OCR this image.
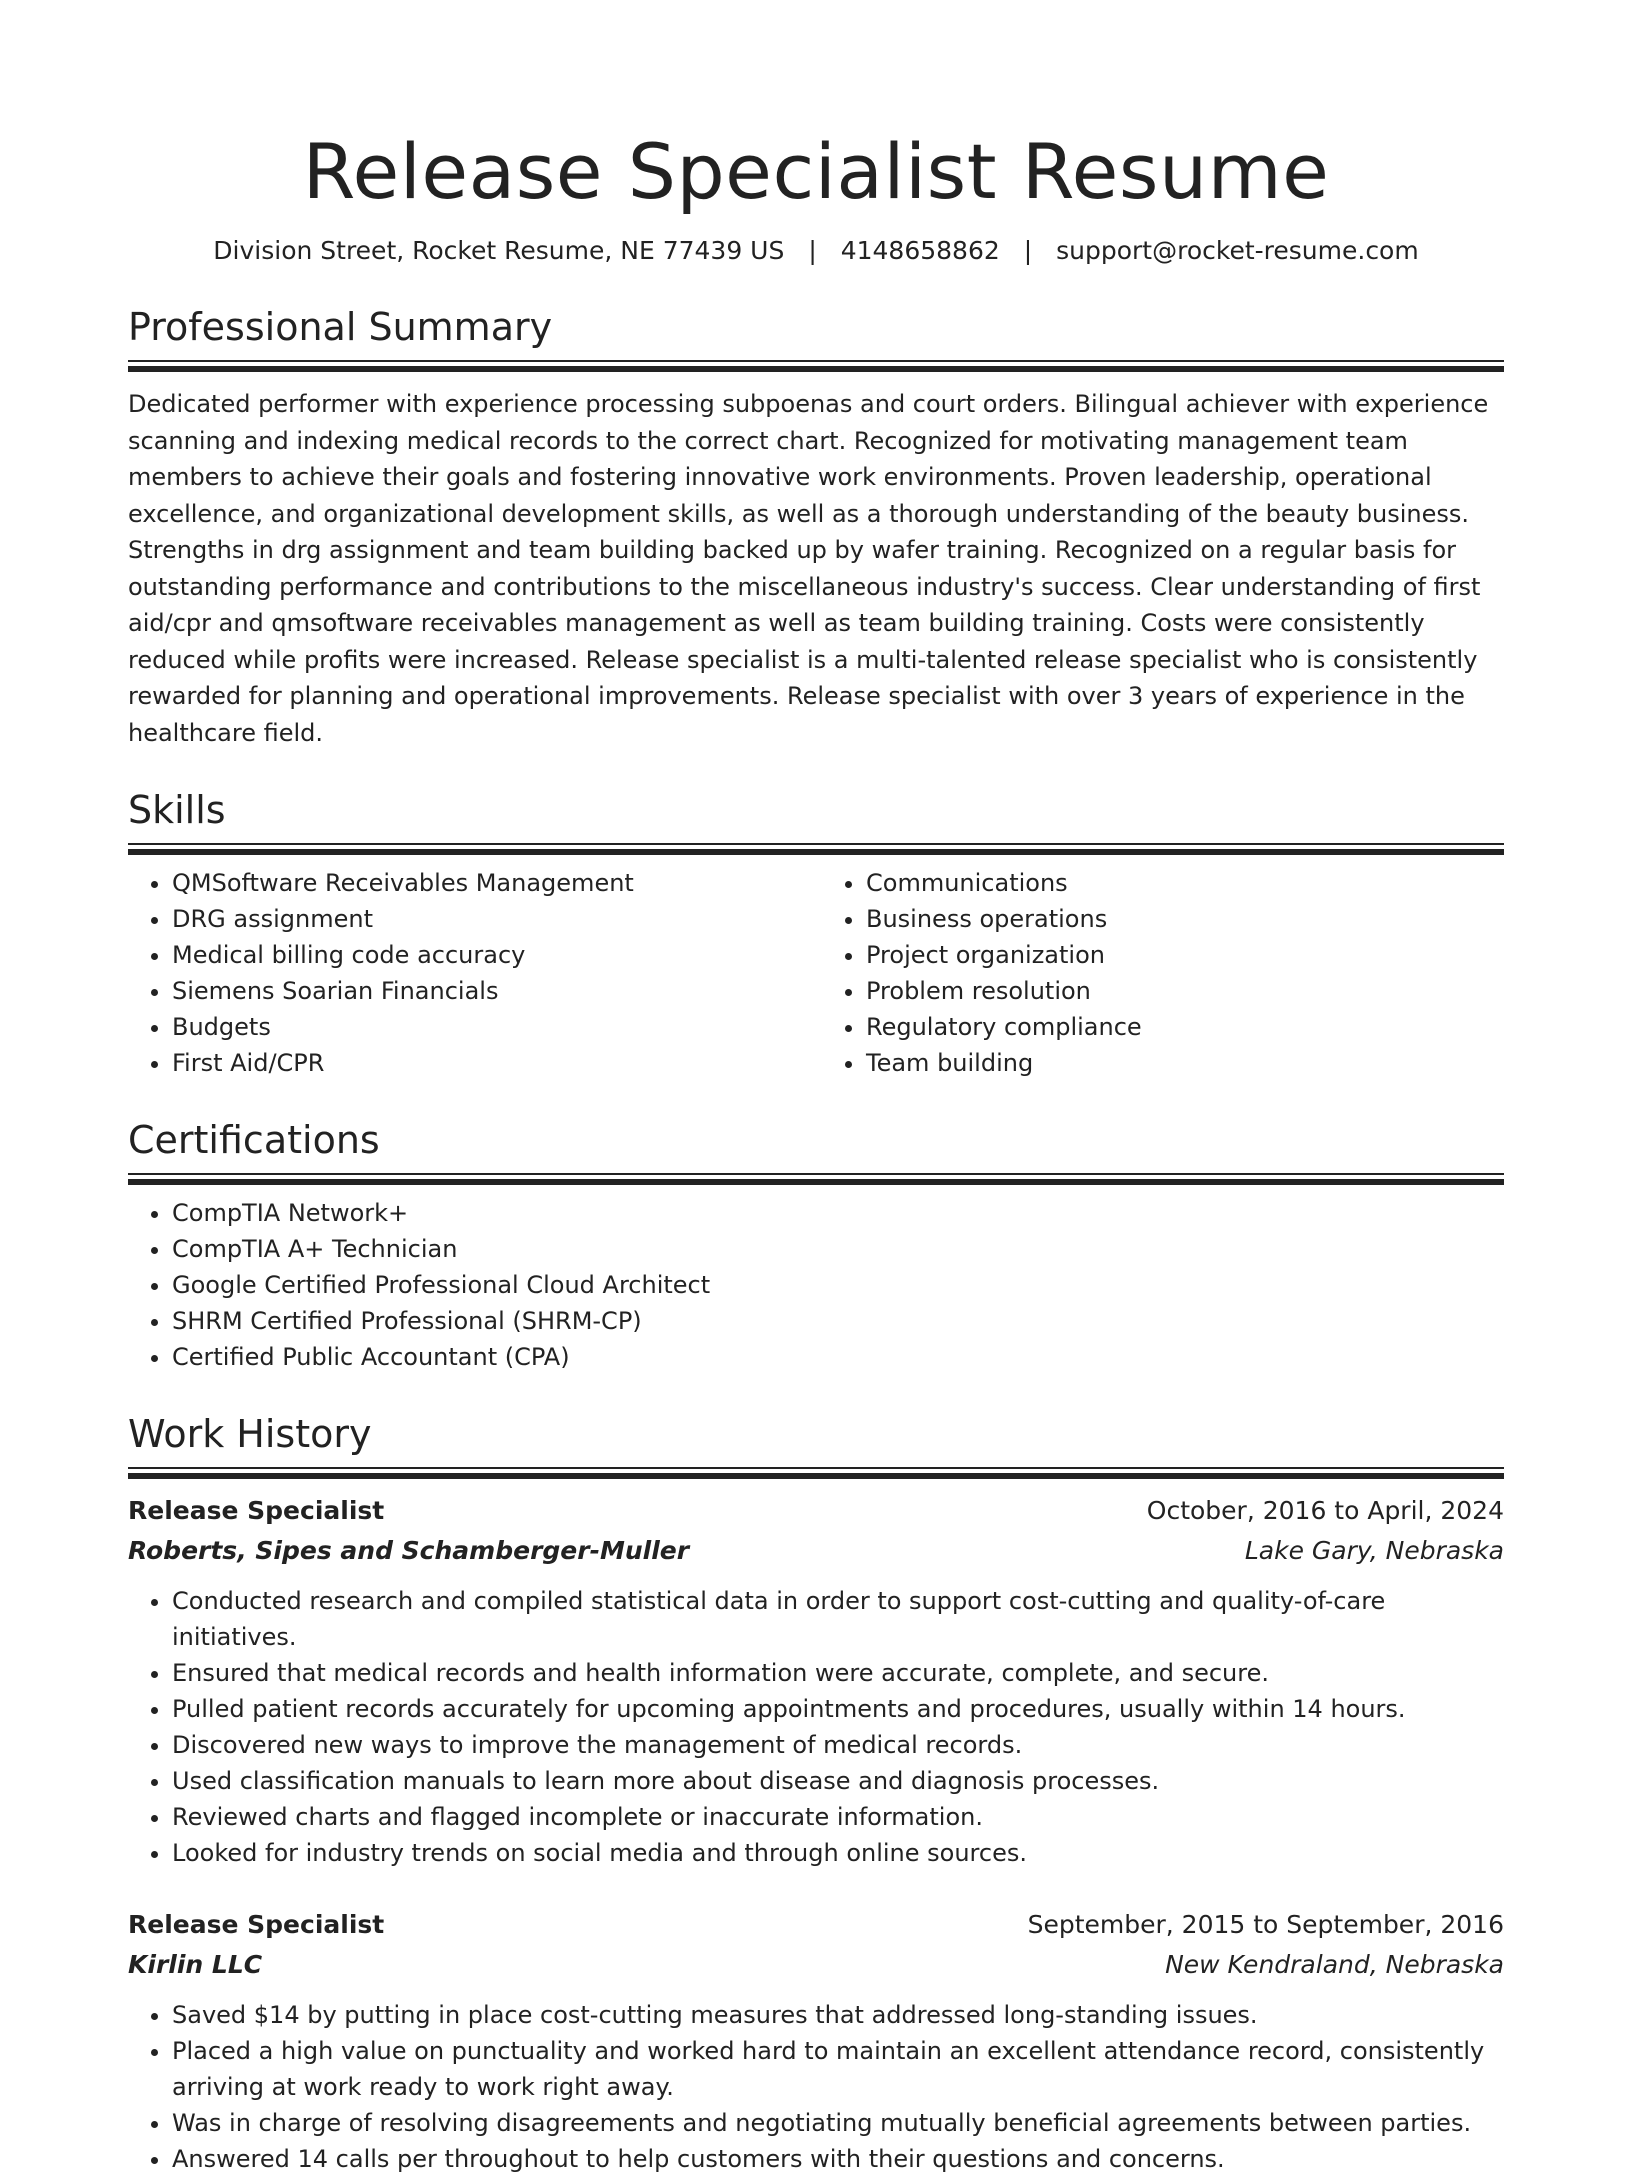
Release Specialist Resume
Division Street, Rocket Resume, NE 77439 US | 4148658862 | support@rocket-resume.com
Professional Summary

Dedicated performer with experience processing subpoenas and court orders. Bilingual achiever with experience scanning and indexing medical records to the correct chart. Recognized for motivating management team members to achieve their goals and fostering innovative work environments. Proven leadership, operational excellence, and organizational development skills, as well as a thorough understanding of the beauty business. Strengths in drg assignment and team building backed up by wafer training. Recognized on a regular basis for outstanding performance and contributions to the miscellaneous industry's success. Clear understanding of first aid/cpr and qmsoftware receivables management as well as team building training. Costs were consistently reduced while profits were increased. Release specialist is a multi-talented release specialist who is consistently rewarded for planning and operational improvements. Release specialist with over 3 years of experience in the healthcare field.

Skills
• QMSoftware Receivables Management
• DRG assignment
• Medical billing code accuracy
• Siemens Soarian Financials
• Budgets
• First Aid/CPR
• Communications
• Business operations
• Project organization
• Problem resolution
• Regulatory compliance
• Team building
Certifications
• CompTIA Network+
• CompTIA A+ Technician
• Google Certified Professional Cloud Architect
• SHRM Certified Professional (SHRM-CP)
• Certified Public Accountant (CPA)
Work History
Release Specialist	October, 2016 to April, 2024
Roberts, Sipes and Schamberger-Muller	Lake Gary, Nebraska
• Conducted research and compiled statistical data in order to support cost-cutting and quality-of-care initiatives.
• Ensured that medical records and health information were accurate, complete, and secure.
• Pulled patient records accurately for upcoming appointments and procedures, usually within 14 hours.
• Discovered new ways to improve the management of medical records.
• Used classification manuals to learn more about disease and diagnosis processes.
• Reviewed charts and flagged incomplete or inaccurate information.
• Looked for industry trends on social media and through online sources.
Release Specialist	September, 2015 to September, 2016
Kirlin LLC	New Kendraland, Nebraska
• Saved $14 by putting in place cost-cutting measures that addressed long-standing issues.
• Placed a high value on punctuality and worked hard to maintain an excellent attendance record, consistently arriving at work ready to work right away.
• Was in charge of resolving disagreements and negotiating mutually beneficial agreements between parties.
• Answered 14 calls per throughout to help customers with their questions and concerns.
